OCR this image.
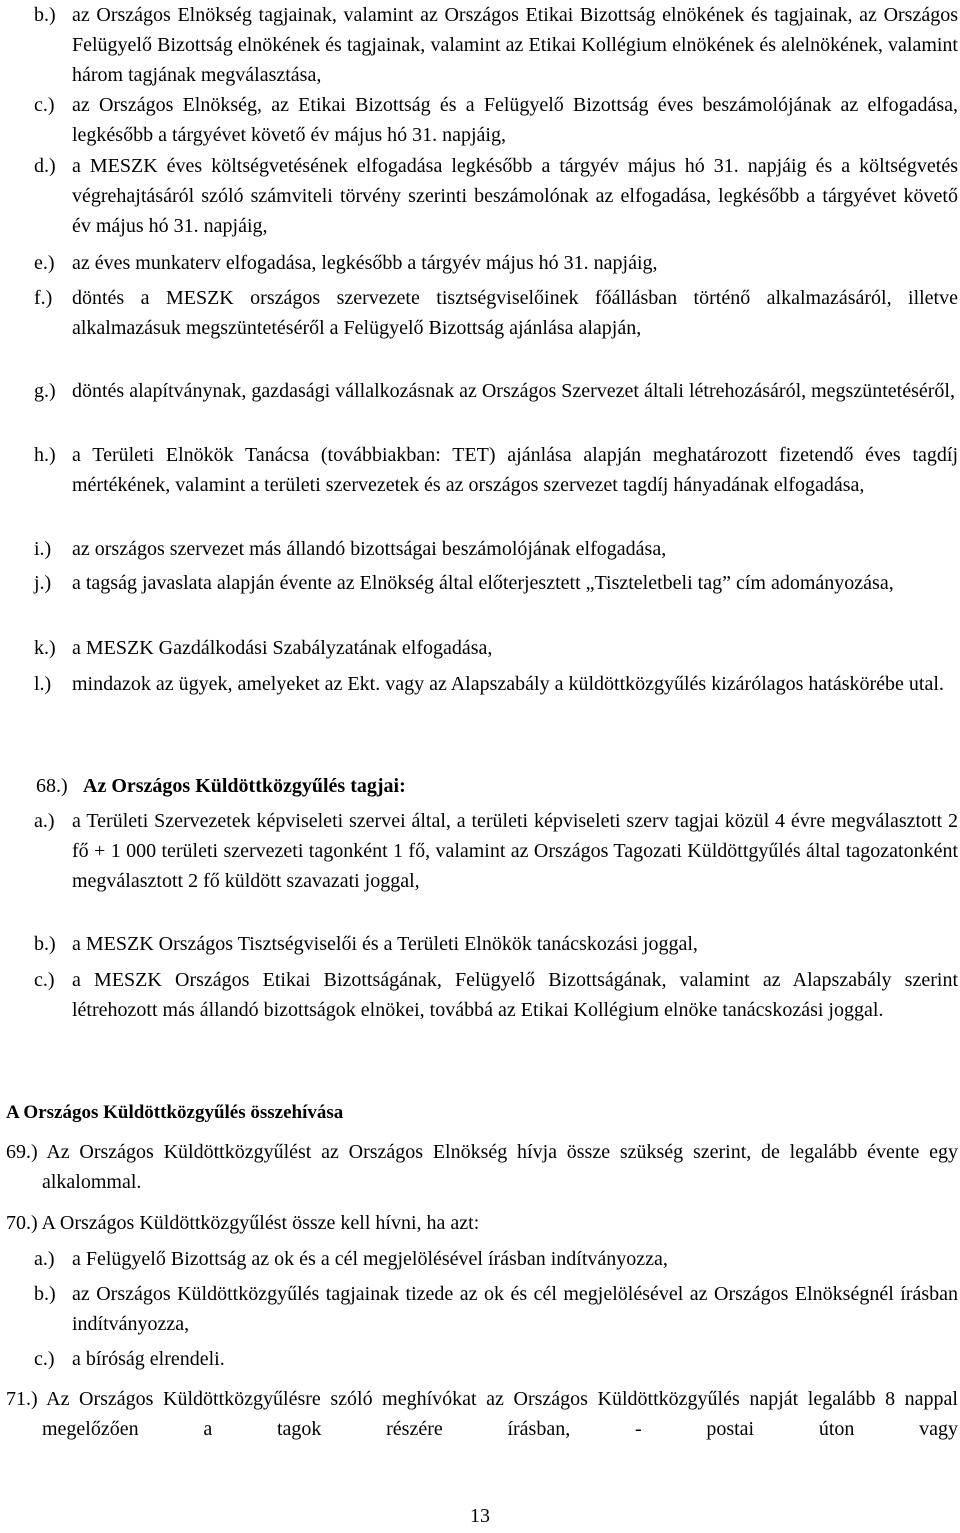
b.) az Országos Elnökség tagjainak, valamint az Országos Etikai Bizottság elnökének és tagjainak, az Országos Felügyelő Bizottság elnökének és tagjainak, valamint az Etikai Kollégium elnökének és alelnökének, valamint három tagjának megválasztása,
c.) az Országos Elnökség, az Etikai Bizottság és a Felügyelő Bizottság éves beszámolójának az elfogadása, legkésőbb a tárgyévet követő év május hó 31. napjáig,
d.) a MESZK éves költségvetésének elfogadása legkésőbb a tárgyév május hó 31. napjáig és a költségvetés végrehajtásáról szóló számviteli törvény szerinti beszámolónak az elfogadása, legkésőbb a tárgyévet követő év május hó 31. napjáig,
e.) az éves munkaterv elfogadása, legkésőbb a tárgyév május hó 31. napjáig,
f.) döntés a MESZK országos szervezete tisztségviselőinek főállásban történő alkalmazásáról, illetve alkalmazásuk megszüntetéséről a Felügyelő Bizottság ajánlása alapján,
g.) döntés alapítványnak, gazdasági vállalkozásnak az Országos Szervezet általi létrehozásáról, megszüntetéséről,
h.) a Területi Elnökök Tanácsa (továbbiakban: TET) ajánlása alapján meghatározott fizetendő éves tagdíj mértékének, valamint a területi szervezetek és az országos szervezet tagdíj hányadának elfogadása,
i.) az országos szervezet más állandó bizottságai beszámolójának elfogadása,
j.) a tagság javaslata alapján évente az Elnökség által előterjesztett „Tiszteletbeli tag” cím adományozása,
k.) a MESZK Gazdálkodási Szabályzatának elfogadása,
l.) mindazok az ügyek, amelyeket az Ekt. vagy az Alapszabály a küldöttközgyűlés kizárólagos hatáskörébe utal.
68.) Az Országos Küldöttközgyűlés tagjai:
a.) a Területi Szervezetek képviseleti szervei által, a területi képviseleti szerv tagjai közül 4 évre megválasztott 2 fő + 1 000 területi szervezeti tagonként 1 fő, valamint az Országos Tagozati Küldöttgyűlés által tagozatonként megválasztott 2 fő küldött szavazati joggal,
b.) a MESZK Országos Tisztségviselői és a Területi Elnökök tanácskozási joggal,
c.) a MESZK Országos Etikai Bizottságának, Felügyelő Bizottságának, valamint az Alapszabály szerint létrehozott más állandó bizottságok elnökei, továbbá az Etikai Kollégium elnöke tanácskozási joggal.
A Országos Küldöttközgyűlés összehívása
69.) Az Országos Küldöttközgyűlést az Országos Elnökség hívja össze szükség szerint, de legalább évente egy alkalommal.
70.) A Országos Küldöttközgyűlést össze kell hívni, ha azt:
a.) a Felügyelő Bizottság az ok és a cél megjelölésével írásban indítványozza,
b.) az Országos Küldöttközgyűlés tagjainak tizede az ok és cél megjelölésével az Országos Elnökségnél írásban indítványozza,
c.) a bíróság elrendeli.
71.) Az Országos Küldöttközgyűlésre szóló meghívókat az Országos Küldöttközgyűlés napját legalább 8 nappal megelőzően a tagok részére írásban, - postai úton vagy
13
